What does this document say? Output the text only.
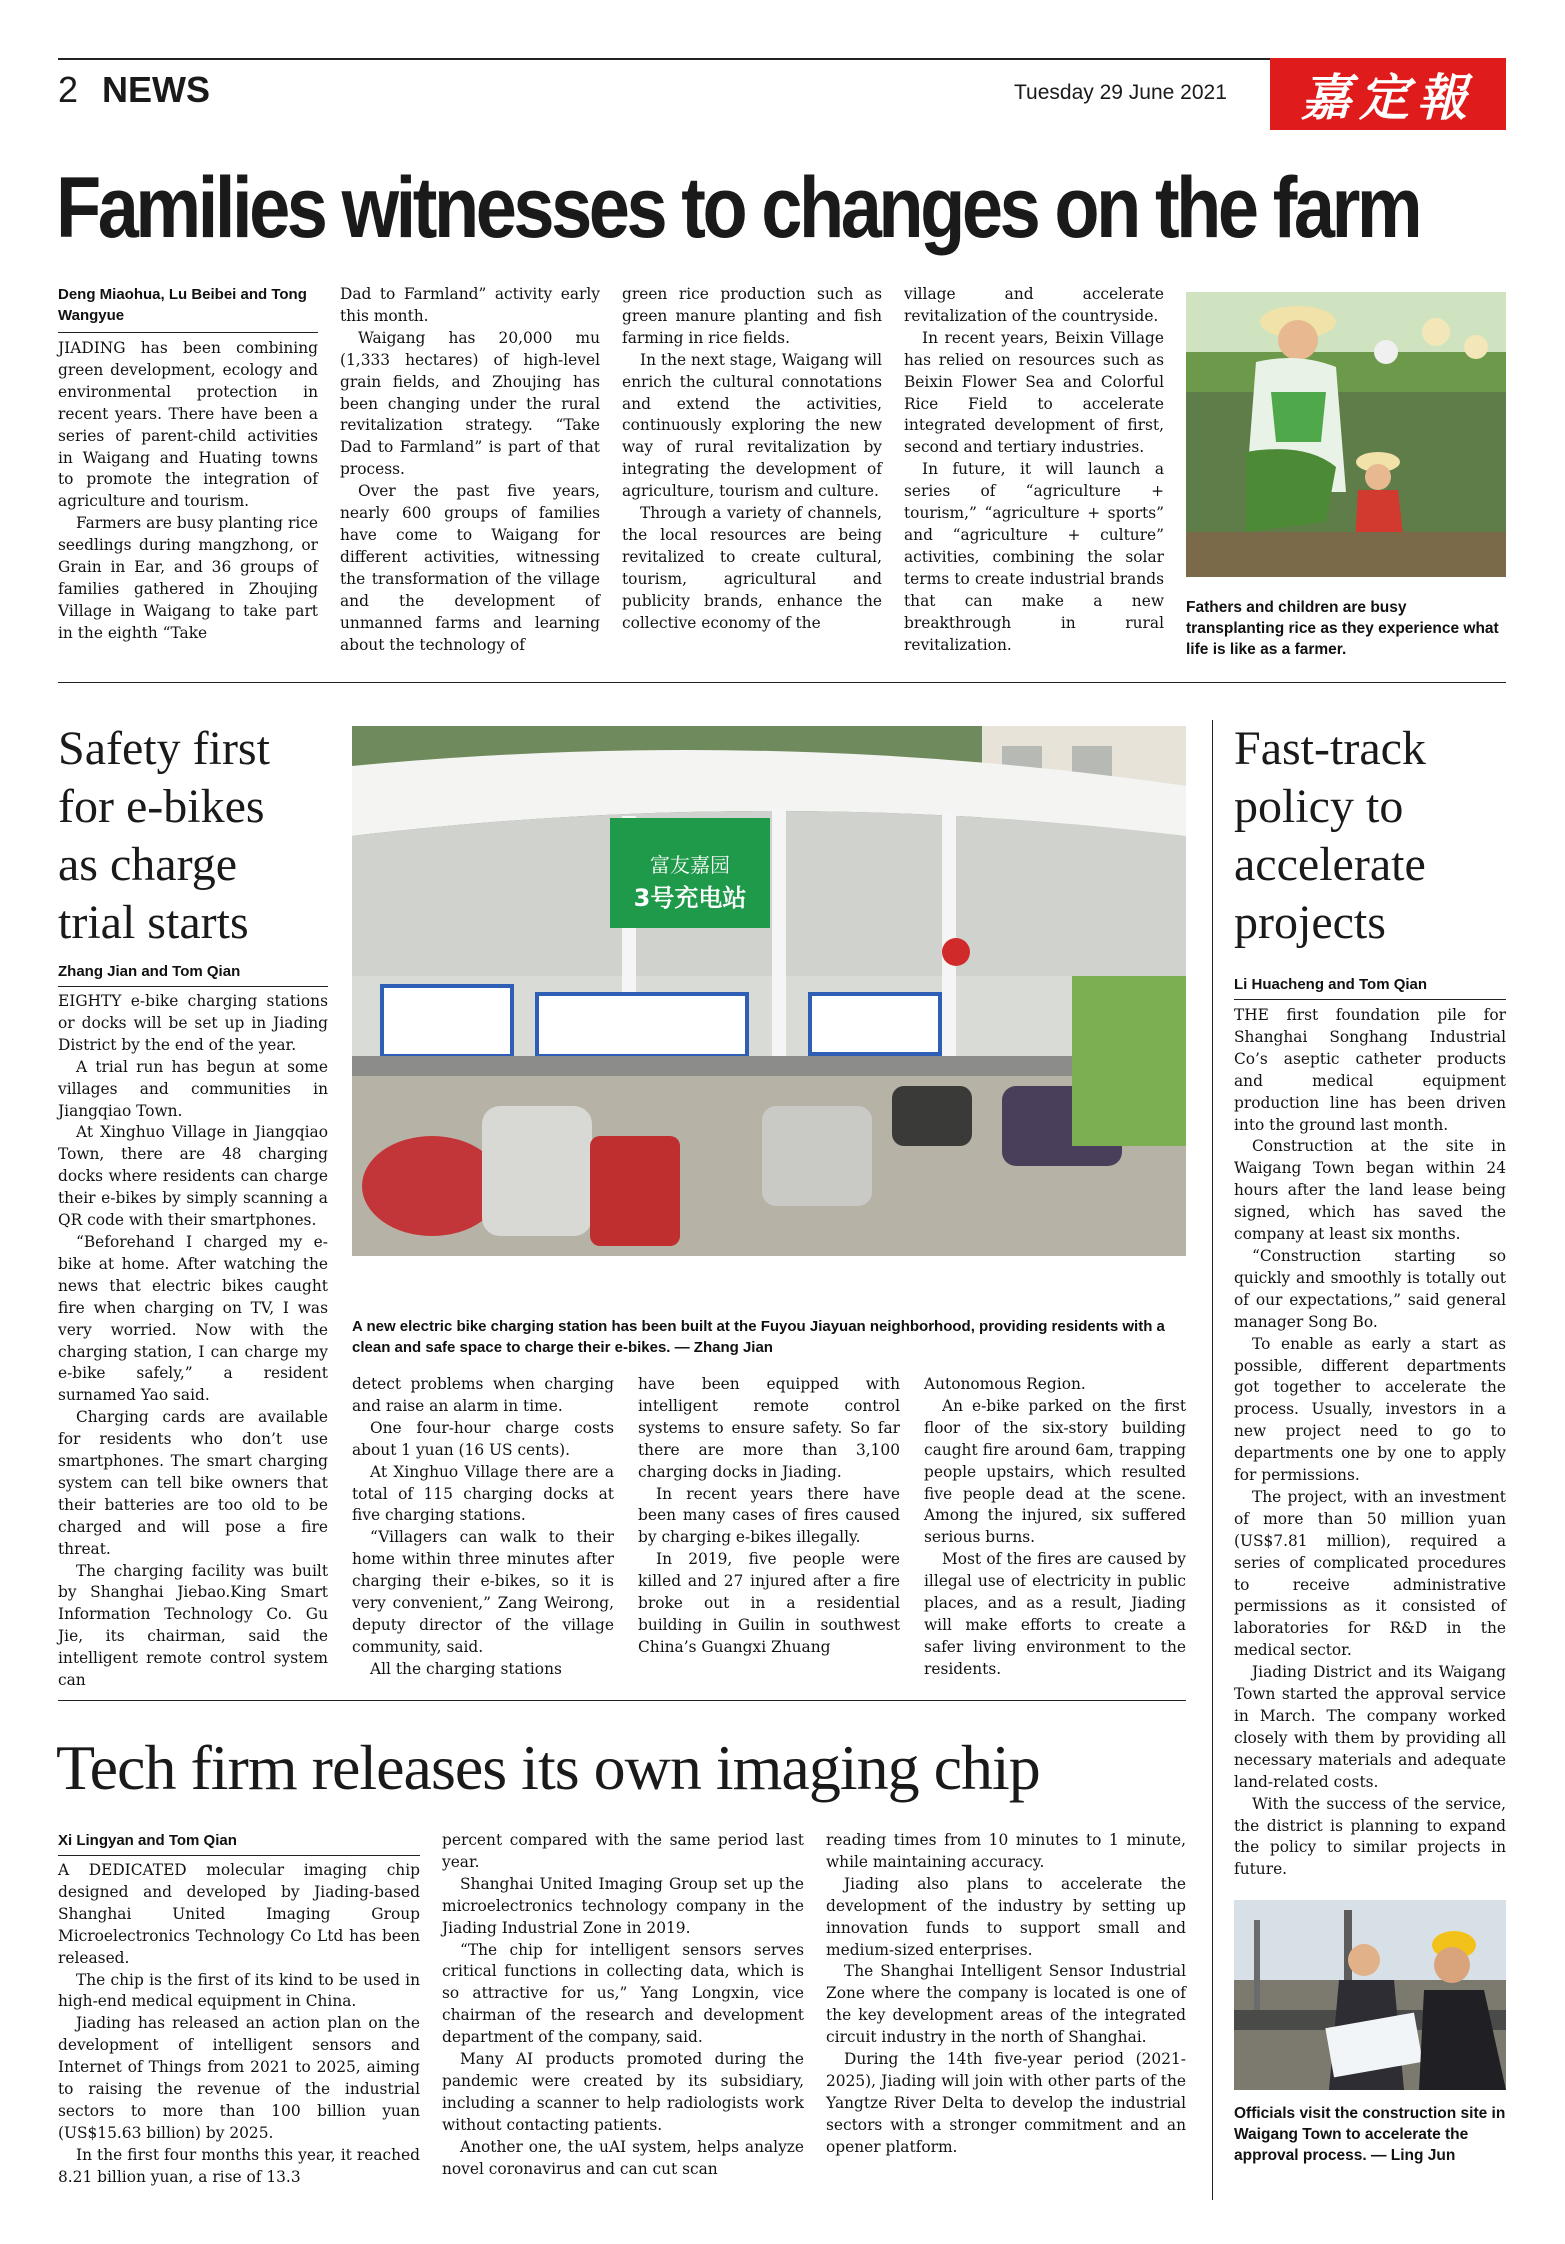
2 NEWS	Tuesday 29 June 2021 嘉定報
Families witnesses to changes on the farm
Deng Miaohua, Lu Beibei and Tong Wangyue

JIADING has been combining green development, ecology and environmental protection in recent years. There have been a series of parent-child activities in Waigang and Huating towns to promote the integration of agriculture and tourism.

Farmers are busy planting rice seedlings during mangzhong, or Grain in Ear, and 36 groups of families gathered in Zhoujing Village in Waigang to take part in the eighth “Take

Dad to Farmland” activity early this month.

Waigang has 20,000 mu (1,333 hectares) of high-level grain fields, and Zhoujing has been changing under the rural revitalization strategy. “Take Dad to Farmland” is part of that process.

Over the past five years, nearly 600 groups of families have come to Waigang for different activities, witnessing the transformation of the village and the development of unmanned farms and learning about the technology of

green rice production such as green manure planting and fish farming in rice fields.

In the next stage, Waigang will enrich the cultural connotations and extend the activities, continuously exploring the new way of rural revitalization by integrating the development of agriculture, tourism and culture.

Through a variety of channels, the local resources are being revitalized to create cultural, tourism, agricultural and publicity brands, enhance the collective economy of the

village and accelerate revitalization of the countryside.

In recent years, Beixin Village has relied on resources such as Beixin Flower Sea and Colorful Rice Field to accelerate integrated development of first, second and tertiary industries.

In future, it will launch a series of “agriculture + tourism,” “agriculture + sports” and “agriculture + culture” activities, combining the solar terms to create industrial brands that can make a new breakthrough in rural revitalization.

Fathers and children are busy transplanting rice as they experience what life is like as a farmer.
Safety first
for e-bikes
as charge
trial starts
Zhang Jian and Tom Qian

EIGHTY e-bike charging stations or docks will be set up in Jiading District by the end of the year.

A trial run has begun at some villages and communities in Jiangqiao Town.

At Xinghuo Village in Jiangqiao Town, there are 48 charging docks where residents can charge their e-bikes by simply scanning a QR code with their smartphones.

“Beforehand I charged my e-bike at home. After watching the news that electric bikes caught fire when charging on TV, I was very worried. Now with the charging station, I can charge my e-bike safely,” a resident surnamed Yao said.

Charging cards are available for residents who don’t use smartphones. The smart charging system can tell bike owners that their batteries are too old to be charged and will pose a fire threat.

The charging facility was built by Shanghai Jiebao.King Smart Information Technology Co. Gu Jie, its chairman, said the intelligent remote control system can

富友嘉园
3号充电站
A new electric bike charging station has been built at the Fuyou Jiayuan neighborhood, providing residents with a clean and safe space to charge their e-bikes. — Zhang Jian

detect problems when charging and raise an alarm in time.

One four-hour charge costs about 1 yuan (16 US cents).

At Xinghuo Village there are a total of 115 charging docks at five charging stations.

“Villagers can walk to their home within three minutes after charging their e-bikes, so it is very convenient,” Zang Weirong, deputy director of the village community, said.

All the charging stations

have been equipped with intelligent remote control systems to ensure safety. So far there are more than 3,100 charging docks in Jiading.

In recent years there have been many cases of fires caused by charging e-bikes illegally.

In 2019, five people were killed and 27 injured after a fire broke out in a residential building in Guilin in southwest China’s Guangxi Zhuang

Autonomous Region.

An e-bike parked on the first floor of the six-story building caught fire around 6am, trapping people upstairs, which resulted five people dead at the scene. Among the injured, six suffered serious burns.

Most of the fires are caused by illegal use of electricity in public places, and as a result, Jiading will make efforts to create a safer living environment to the residents.

Fast-track
policy to
accelerate
projects
Li Huacheng and Tom Qian

THE first foundation pile for Shanghai Songhang Industrial Co’s aseptic catheter products and medical equipment production line has been driven into the ground last month.

Construction at the site in Waigang Town began within 24 hours after the land lease being signed, which has saved the company at least six months.

“Construction starting so quickly and smoothly is totally out of our expectations,” said general manager Song Bo.

To enable as early a start as possible, different departments got together to accelerate the process. Usually, investors in a new project need to go to departments one by one to apply for permissions.

The project, with an investment of more than 50 million yuan (US$7.81 million), required a series of complicated procedures to receive administrative permissions as it consisted of laboratories for R&D in the medical sector.

Jiading District and its Waigang Town started the approval service in March. The company worked closely with them by providing all necessary materials and adequate land-related costs.

With the success of the service, the district is planning to expand the policy to similar projects in future.

Officials visit the construction site in Waigang Town to accelerate the approval process. — Ling Jun
Tech firm releases its own imaging chip
Xi Lingyan and Tom Qian

A DEDICATED molecular imaging chip designed and developed by Jiading-based Shanghai United Imaging Group Microelectronics Technology Co Ltd has been released.

The chip is the first of its kind to be used in high-end medical equipment in China.

Jiading has released an action plan on the development of intelligent sensors and Internet of Things from 2021 to 2025, aiming to raising the revenue of the industrial sectors to more than 100 billion yuan (US$15.63 billion) by 2025.

In the first four months this year, it reached 8.21 billion yuan, a rise of 13.3

percent compared with the same period last year.

Shanghai United Imaging Group set up the microelectronics technology company in the Jiading Industrial Zone in 2019.

“The chip for intelligent sensors serves critical functions in collecting data, which is so attractive for us,” Yang Longxin, vice chairman of the research and development department of the company, said.

Many AI products promoted during the pandemic were created by its subsidiary, including a scanner to help radiologists work without contacting patients.

Another one, the uAI system, helps analyze novel coronavirus and can cut scan

reading times from 10 minutes to 1 minute, while maintaining accuracy.

Jiading also plans to accelerate the development of the industry by setting up innovation funds to support small and medium-sized enterprises.

The Shanghai Intelligent Sensor Industrial Zone where the company is located is one of the key development areas of the integrated circuit industry in the north of Shanghai.

During the 14th five-year period (2021-2025), Jiading will join with other parts of the Yangtze River Delta to develop the industrial sectors with a stronger commitment and an opener platform.
